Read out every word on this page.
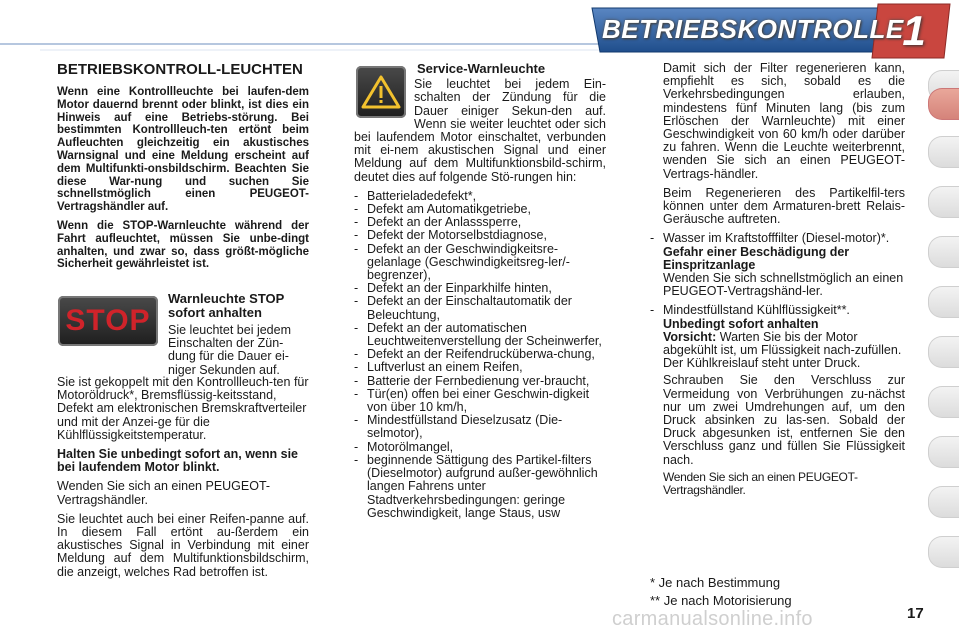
BETRIEBSKONTROLLE
1
BETRIEBSKONTROLL-LEUCHTEN

Wenn eine Kontrollleuchte bei laufen-dem Motor dauernd brennt oder blinkt, ist dies ein Hinweis auf eine Betriebs-störung. Bei bestimmten Kontrollleuch-ten ertönt beim Aufleuchten gleichzeitig ein akustisches Warnsignal und eine Meldung erscheint auf dem Multifunkti-onsbildschirm. Beachten Sie diese War-nung und suchen Sie schnellstmöglich einen PEUGEOT-Vertragshändler auf.

Wenn die STOP-Warnleuchte während der Fahrt aufleuchtet, müssen Sie unbe-dingt anhalten, und zwar so, dass größt-mögliche Sicherheit gewährleistet ist.

STOP

Warnleuchte STOP sofort anhalten

Sie leuchtet bei jedem Einschalten der Zün-dung für die Dauer ei-niger Sekunden auf.

Sie ist gekoppelt mit den Kontrollleuch-ten für Motoröldruck*, Bremsflüssig-keitsstand, Defekt am elektronischen Bremskraftverteiler und mit der Anzei-ge für die Kühlflüssigkeitstemperatur.

Halten Sie unbedingt sofort an, wenn sie bei laufendem Motor blinkt.

Wenden Sie sich an einen PEUGEOT-Vertragshändler.

Sie leuchtet auch bei einer Reifen-panne auf. In diesem Fall ertönt au-ßerdem ein akustisches Signal in Verbindung mit einer Meldung auf dem Multifunktionsbildschirm, die anzeigt, welches Rad betroffen ist.

Service-Warnleuchte

Sie leuchtet bei jedem Ein-schalten der Zündung für die Dauer einiger Sekun-den auf. Wenn sie weiter leuchtet oder sich bei laufendem Motor einschaltet, verbunden mit ei-nem akustischen Signal und einer Meldung auf dem Multifunktionsbild-schirm, deutet dies auf folgende Stö-rungen hin:

- Batterieladedefekt*,
- Defekt am Automatikgetriebe,
- Defekt an der Anlasssperre,
- Defekt der Motorselbstdiagnose,
- Defekt an der Geschwindigkeitsre-gelanlage (Geschwindigkeitsreg-ler/-begrenzer),
- Defekt an der Einparkhilfe hinten,
- Defekt an der Einschaltautomatik der Beleuchtung,
- Defekt an der automatischen Leuchtweitenverstellung der Scheinwerfer,
- Defekt an der Reifendrucküberwa-chung,
- Luftverlust an einem Reifen,
- Batterie der Fernbedienung ver-braucht,
- Tür(en) offen bei einer Geschwin-digkeit von über 10 km/h,
- Mindestfüllstand Dieselzusatz (Die-selmotor),
- Motorölmangel,
- beginnende Sättigung des Partikel-filters (Dieselmotor) aufgrund außer-gewöhnlich langen Fahrens unter Stadtverkehrsbedingungen: geringe Geschwindigkeit, lange Staus, usw

Damit sich der Filter regenerieren kann, empfiehlt es sich, sobald es die Verkehrsbedingungen erlauben, mindestens fünf Minuten lang (bis zum Erlöschen der Warnleuchte) mit einer Geschwindigkeit von 60 km/h oder darüber zu fahren. Wenn die Leuchte weiterbrennt, wenden Sie sich an einen PEUGEOT-Vertrags-händler.

Beim Regenerieren des Partikelfil-ters können unter dem Armaturen-brett Relais-Geräusche auftreten.

- Wasser im Kraftstofffilter (Diesel-motor)*.
Gefahr einer Beschädigung der Einspritzanlage
Wenden Sie sich schnellstmöglich an einen PEUGEOT-Vertragshänd-ler.
- Mindestfüllstand Kühlflüssigkeit**.
Unbedingt sofort anhalten
Vorsicht: Warten Sie bis der Motor abgekühlt ist, um Flüssigkeit nach-zufüllen. Der Kühlkreislauf steht unter Druck.
Schrauben Sie den Verschluss zur Vermeidung von Verbrühungen zu-nächst nur um zwei Umdrehungen auf, um den Druck absinken zu las-sen. Sobald der Druck abgesunken ist, entfernen Sie den Verschluss ganz und füllen Sie Flüssigkeit nach.
Wenden Sie sich an einen PEUGEOT-Vertragshändler.
* Je nach Bestimmung
** Je nach Motorisierung
carmanualsonline.info	17
